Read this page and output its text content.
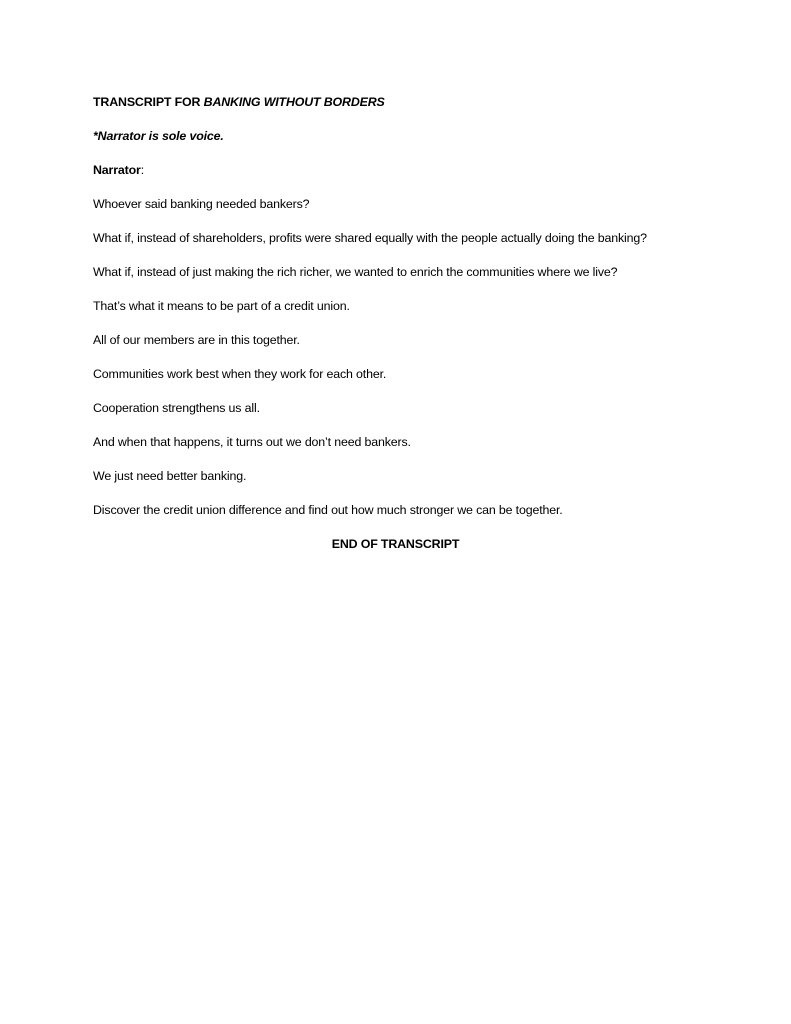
TRANSCRIPT FOR BANKING WITHOUT BORDERS

*Narrator is sole voice.

Narrator:

Whoever said banking needed bankers?

What if, instead of shareholders, profits were shared equally with the people actually doing the banking?

What if, instead of just making the rich richer, we wanted to enrich the communities where we live?

That’s what it means to be part of a credit union.

All of our members are in this together.

Communities work best when they work for each other.

Cooperation strengthens us all.

And when that happens, it turns out we don’t need bankers.

We just need better banking.

Discover the credit union difference and find out how much stronger we can be together.

END OF TRANSCRIPT
